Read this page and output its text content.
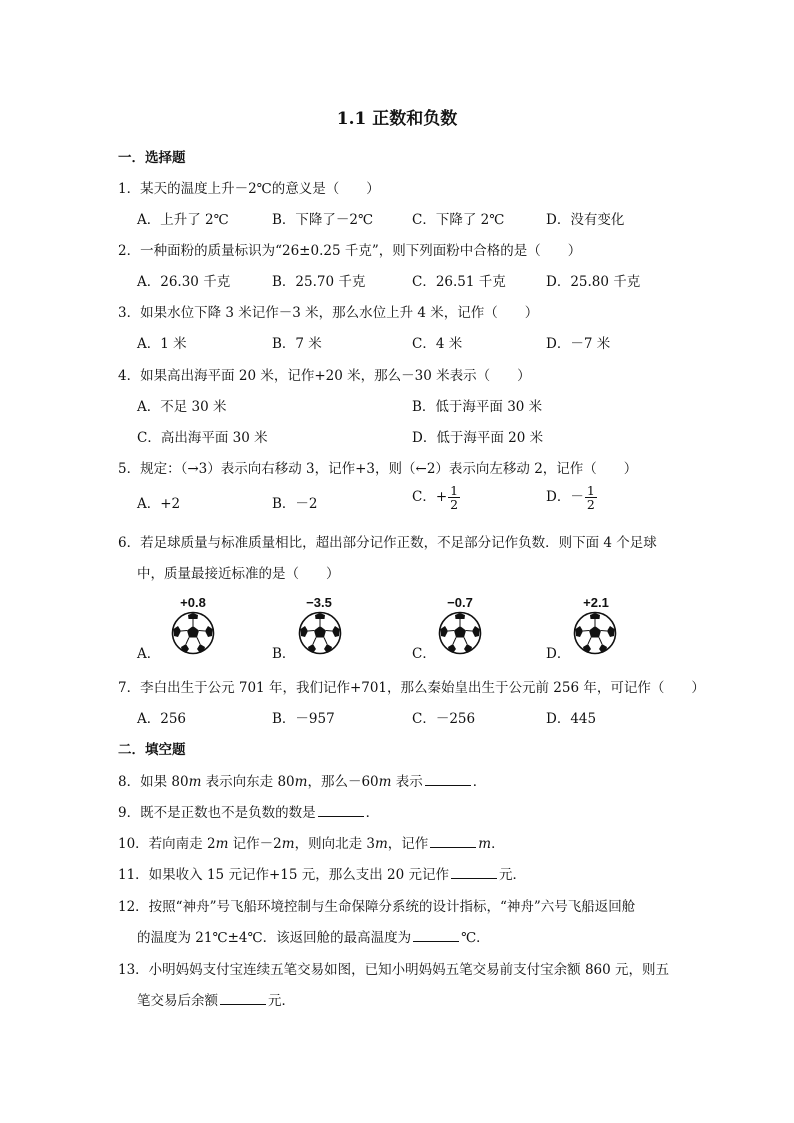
1.1 正数和负数
一．选择题
1．某天的温度上升－2℃的意义是（　　）
A．上升了 2℃	B．下降了－2℃	C．下降了 2℃	D．没有变化
2．一种面粉的质量标识为“26±0.25 千克”，则下列面粉中合格的是（　　）
A．26.30 千克	B．25.70 千克	C．26.51 千克	D．25.80 千克
3．如果水位下降 3 米记作－3 米，那么水位上升 4 米，记作（　　）
A．1 米	B．7 米	C．4 米	D．－7 米
4．如果高出海平面 20 米，记作+20 米，那么－30 米表示（　　）
A．不足 30 米	B．低于海平面 30 米
C．高出海平面 30 米	D．低于海平面 20 米
5．规定：（→3）表示向右移动 3，记作+3，则（←2）表示向左移动 2，记作（　　）
A．+2	B．－2	C．+ $\frac{1}{2}$	D．－ $\frac{1}{2}$
6．若足球质量与标准质量相比，超出部分记作正数，不足部分记作负数．则下面 4 个足球
中，质量最接近标准的是（　　）
+0.8	−3.5	−0.7	+2.1
A．	B．	C．	D．
7．李白出生于公元 701 年，我们记作+701，那么秦始皇出生于公元前 256 年，可记作（　　）
A．256	B．－957	C．－256	D．445
二．填空题
8．如果 80m 表示向东走 80m，那么－60m 表示	．
9．既不是正数也不是负数的数是	．
10．若向南走 2m 记作－2m，则向北走 3m，记作	m．
11．如果收入 15 元记作+15 元，那么支出 20 元记作	元．
12．按照“神舟”号飞船环境控制与生命保障分系统的设计指标，“神舟”六号飞船返回舱
的温度为 21℃±4℃．该返回舱的最高温度为	℃．
13．小明妈妈支付宝连续五笔交易如图，已知小明妈妈五笔交易前支付宝余额 860 元，则五
笔交易后余额	元．
